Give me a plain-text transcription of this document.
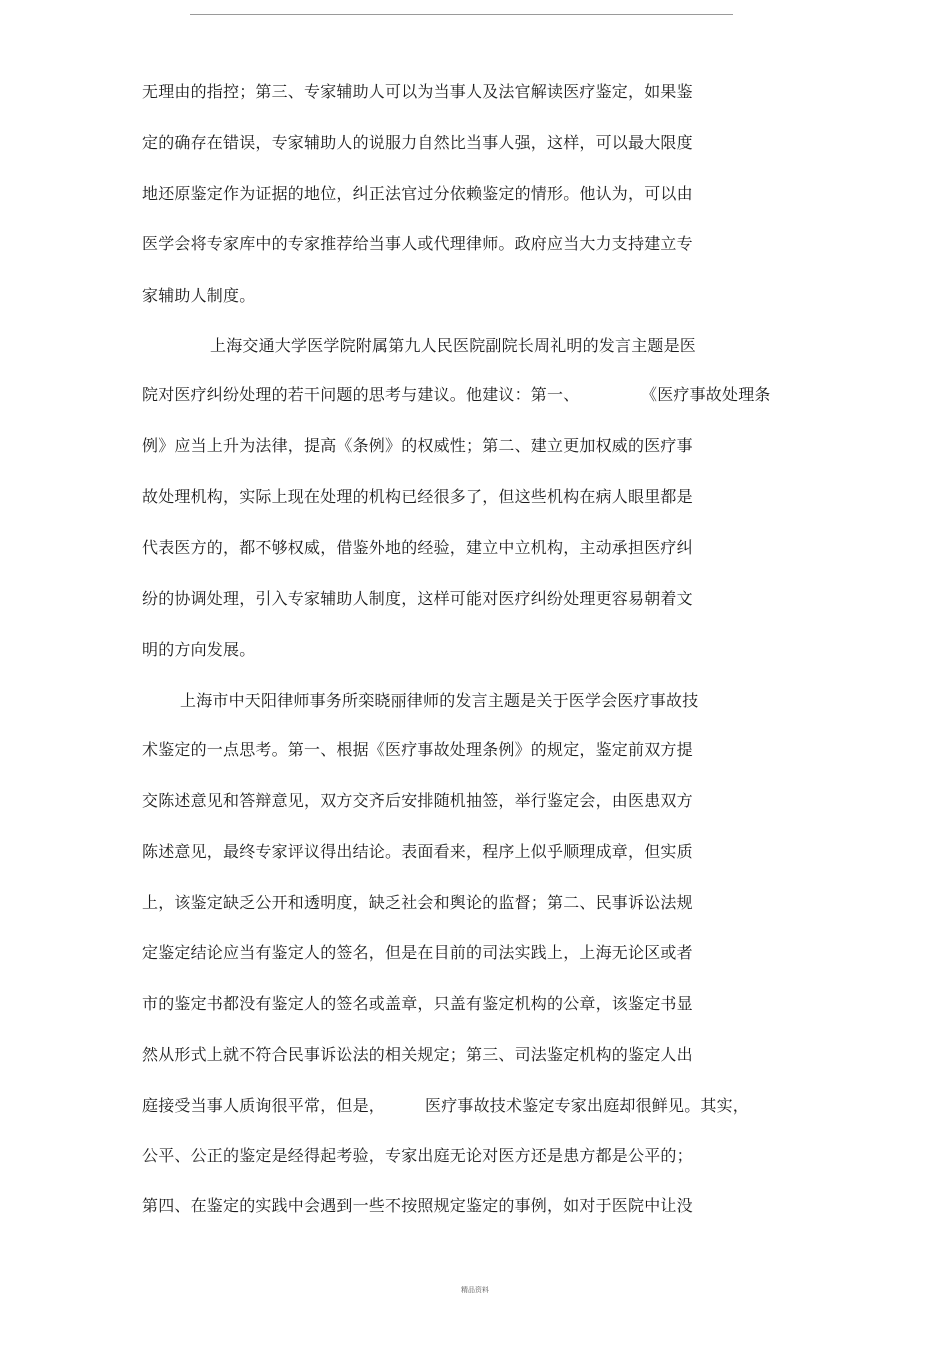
无理由的指控；第三、专家辅助人可以为当事人及法官解读医疗鉴定，如果鉴
定的确存在错误，专家辅助人的说服力自然比当事人强，这样，可以最大限度
地还原鉴定作为证据的地位，纠正法官过分依赖鉴定的情形。他认为，可以由
医学会将专家库中的专家推荐给当事人或代理律师。政府应当大力支持建立专
家辅助人制度。
上海交通大学医学院附属第九人民医院副院长周礼明的发言主题是医
院对医疗纠纷处理的若干问题的思考与建议。他建议：第一、	《医疗事故处理条
例》应当上升为法律，提高《条例》的权威性；第二、建立更加权威的医疗事
故处理机构，实际上现在处理的机构已经很多了，但这些机构在病人眼里都是
代表医方的，都不够权威，借鉴外地的经验，建立中立机构，主动承担医疗纠
纷的协调处理，引入专家辅助人制度，这样可能对医疗纠纷处理更容易朝着文
明的方向发展。
上海市中天阳律师事务所栾晓丽律师的发言主题是关于医学会医疗事故技
术鉴定的一点思考。第一、根据《医疗事故处理条例》的规定，鉴定前双方提
交陈述意见和答辩意见，双方交齐后安排随机抽签，举行鉴定会，由医患双方
陈述意见，最终专家评议得出结论。表面看来，程序上似乎顺理成章，但实质
上，该鉴定缺乏公开和透明度，缺乏社会和舆论的监督；第二、民事诉讼法规
定鉴定结论应当有鉴定人的签名，但是在目前的司法实践上，上海无论区或者
市的鉴定书都没有鉴定人的签名或盖章，只盖有鉴定机构的公章，该鉴定书显
然从形式上就不符合民事诉讼法的相关规定；第三、司法鉴定机构的鉴定人出
庭接受当事人质询很平常，但是， 医疗事故技术鉴定专家出庭却很鲜见。其实，
公平、公正的鉴定是经得起考验，专家出庭无论对医方还是患方都是公平的；
第四、在鉴定的实践中会遇到一些不按照规定鉴定的事例，如对于医院中让没
精品资料
